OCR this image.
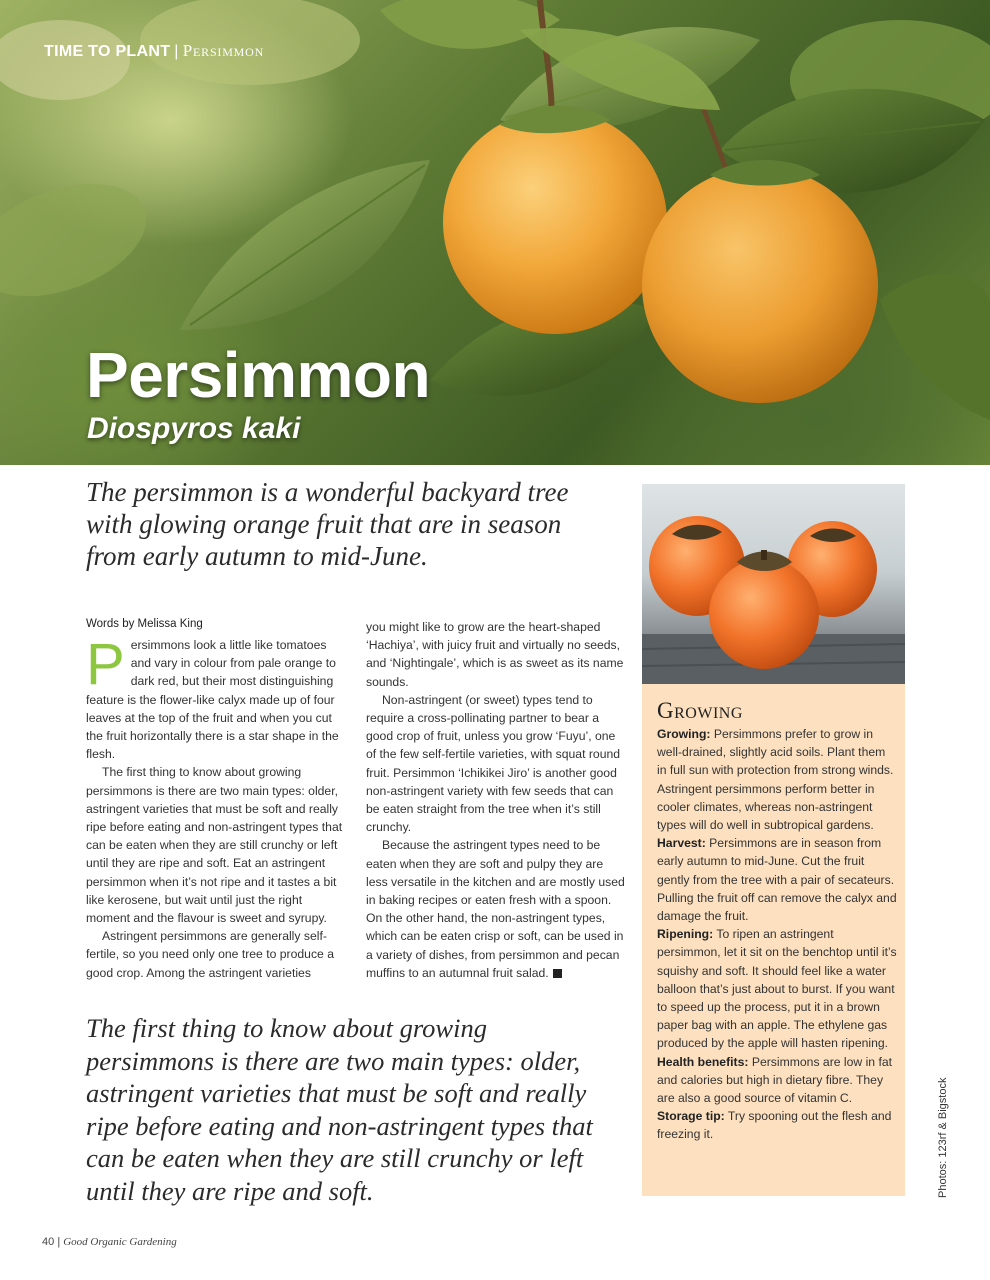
TIME TO PLANT | Persimmon
Persimmon
Diospyros kaki
The persimmon is a wonderful backyard tree with glowing orange fruit that are in season from early autumn to mid-June.
Words by Melissa King

Persimmons look a little like tomatoes and vary in colour from pale orange to dark red, but their most distinguishing feature is the flower-like calyx made up of four leaves at the top of the fruit and when you cut the fruit horizontally there is a star shape in the flesh.

The first thing to know about growing persimmons is there are two main types: older, astringent varieties that must be soft and really ripe before eating and non-astringent types that can be eaten when they are still crunchy or left until they are ripe and soft. Eat an astringent persimmon when it’s not ripe and it tastes a bit like kerosene, but wait until just the right moment and the flavour is sweet and syrupy.

Astringent persimmons are generally self-fertile, so you need only one tree to produce a good crop. Among the astringent varieties

you might like to grow are the heart-shaped ‘Hachiya’, with juicy fruit and virtually no seeds, and ‘Nightingale’, which is as sweet as its name sounds.

Non-astringent (or sweet) types tend to require a cross-pollinating partner to bear a good crop of fruit, unless you grow ‘Fuyu’, one of the few self-fertile varieties, with squat round fruit. Persimmon ‘Ichikikei Jiro’ is another good non-astringent variety with few seeds that can be eaten straight from the tree when it’s still crunchy.

Because the astringent types need to be eaten when they are soft and pulpy they are less versatile in the kitchen and are mostly used in baking recipes or eaten fresh with a spoon. On the other hand, the non-astringent types, which can be eaten crisp or soft, can be used in a variety of dishes, from persimmon and pecan muffins to an autumnal fruit salad.

The first thing to know about growing persimmons is there are two main types: older, astringent varieties that must be soft and really ripe before eating and non-astringent types that can be eaten when they are still crunchy or left until they are ripe and soft.
Growing

Growing: Persimmons prefer to grow in well-drained, slightly acid soils. Plant them in full sun with protection from strong winds. Astringent persimmons perform better in cooler climates, whereas non-astringent types will do well in subtropical gardens.

Harvest: Persimmons are in season from early autumn to mid-June. Cut the fruit gently from the tree with a pair of secateurs. Pulling the fruit off can remove the calyx and damage the fruit.

Ripening: To ripen an astringent persimmon, let it sit on the benchtop until it’s squishy and soft. It should feel like a water balloon that’s just about to burst. If you want to speed up the process, put it in a brown paper bag with an apple. The ethylene gas produced by the apple will hasten ripening.

Health benefits: Persimmons are low in fat and calories but high in dietary fibre. They are also a good source of vitamin C.

Storage tip: Try spooning out the flesh and freezing it.	Photos: 123rf & Bigstock
40 | Good Organic Gardening
